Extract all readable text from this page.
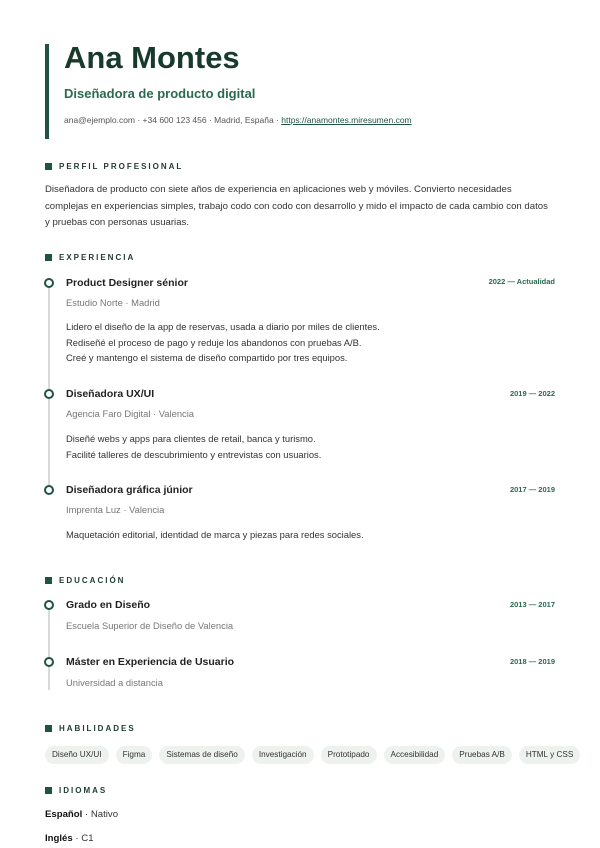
Ana Montes
Diseñadora de producto digital
ana@ejemplo.com · +34 600 123 456 · Madrid, España · https://anamontes.miresumen.com
PERFIL PROFESIONAL
Diseñadora de producto con siete años de experiencia en aplicaciones web y móviles. Convierto necesidades complejas en experiencias simples, trabajo codo con codo con desarrollo y mido el impacto de cada cambio con datos y pruebas con personas usuarias.
EXPERIENCIA
Product Designer sénior	2022 — Actualidad
Estudio Norte · Madrid
Lidero el diseño de la app de reservas, usada a diario por miles de clientes.
Rediseñé el proceso de pago y reduje los abandonos con pruebas A/B.
Creé y mantengo el sistema de diseño compartido por tres equipos.
Diseñadora UX/UI	2019 — 2022
Agencia Faro Digital · Valencia
Diseñé webs y apps para clientes de retail, banca y turismo.
Facilité talleres de descubrimiento y entrevistas con usuarios.
Diseñadora gráfica júnior	2017 — 2019
Imprenta Luz · Valencia
Maquetación editorial, identidad de marca y piezas para redes sociales.
EDUCACIÓN
Grado en Diseño	2013 — 2017
Escuela Superior de Diseño de Valencia
Máster en Experiencia de Usuario	2018 — 2019
Universidad a distancia
HABILIDADES
Diseño UX/UI	Figma	Sistemas de diseño	Investigación	Prototipado	Accesibilidad	Pruebas A/B	HTML y CSS
IDIOMAS
Español · Nativo
Inglés · C1
